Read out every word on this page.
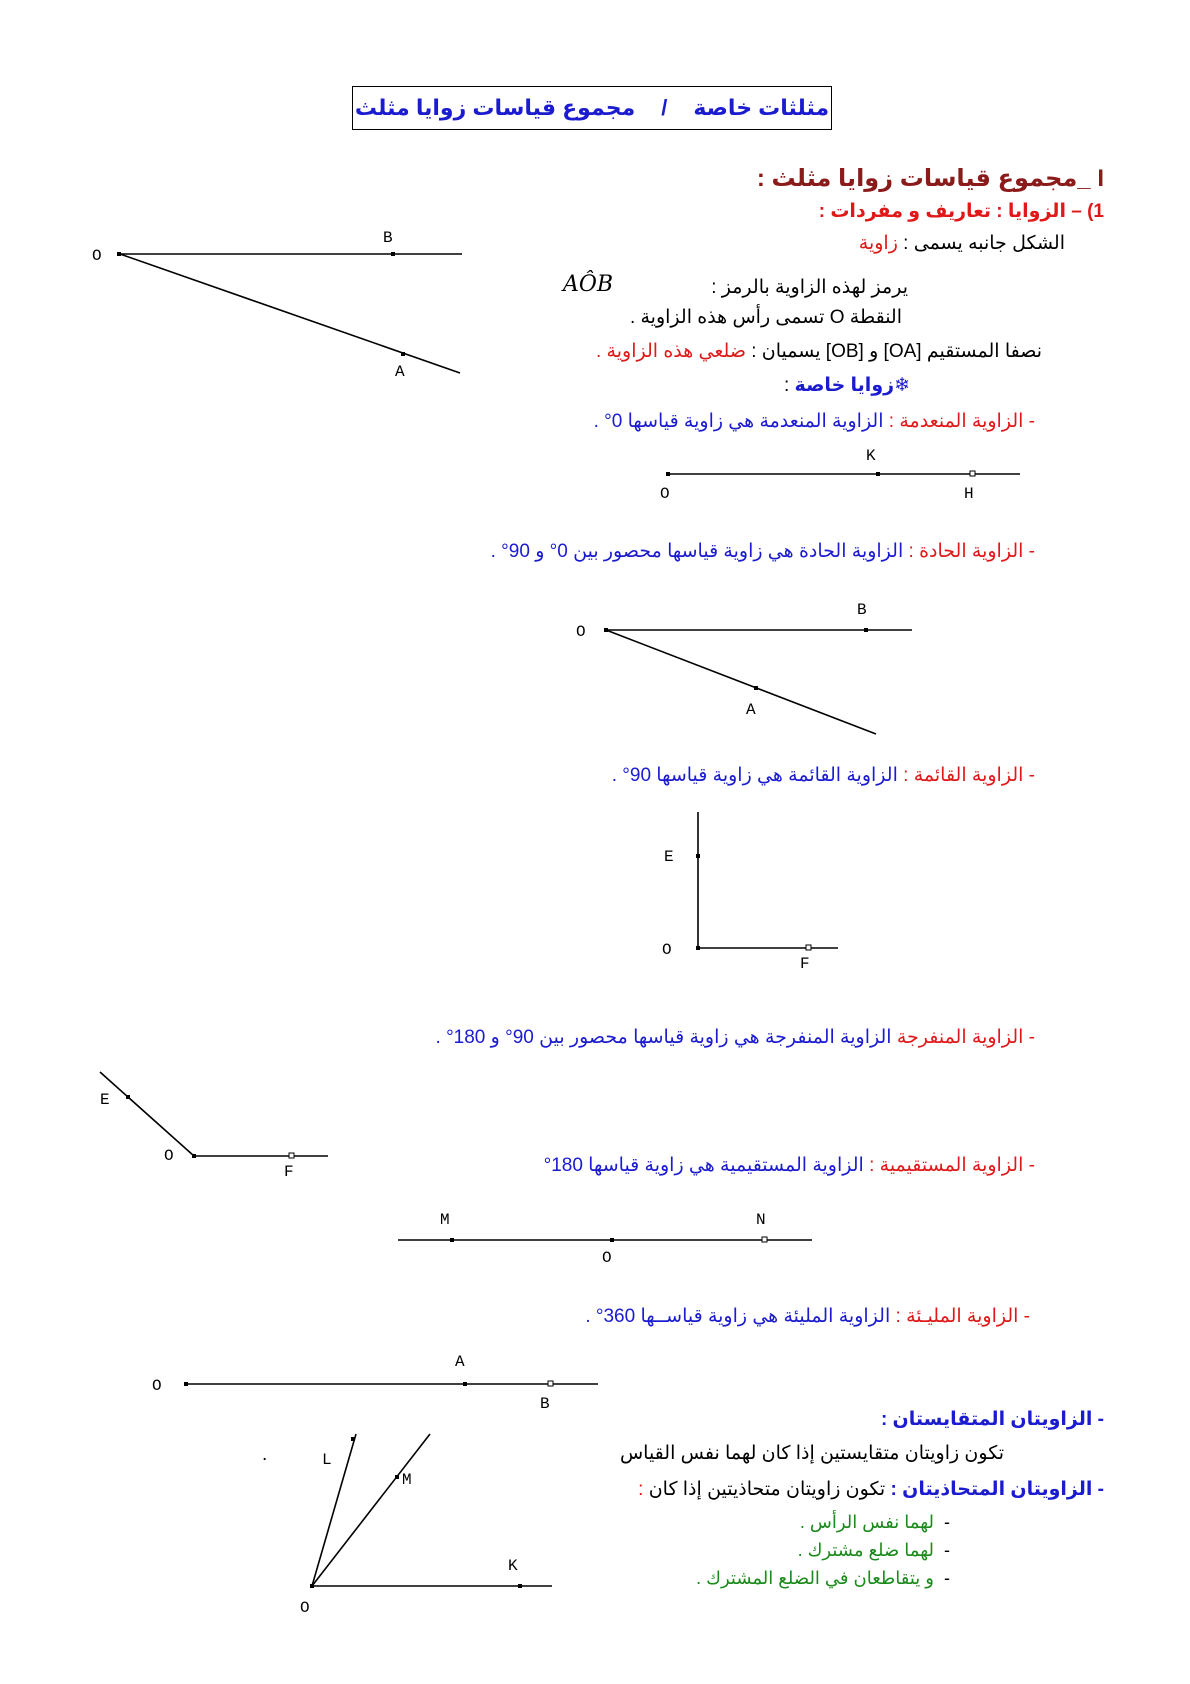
مجموع قياسات زوايا مثلث / مثلثات خاصة
I _مجموع قياسات زوايا مثلث :
1) – الزوايا : تعاريف و مفردات :
الشكل جانبه يسمى : زاوية
يرمز لهذه الزاوية بالرمز :
AÔB
النقطة O تسمى رأس هذه الزاوية .
نصفا المستقيم [OA] و [OB] يسميان : ضلعي هذه الزاوية .
❄زوايا خاصة :
- الزاوية المنعدمة : الزاوية المنعدمة هي زاوية قياسها 0° .
- الزاوية الحادة : الزاوية الحادة هي زاوية قياسها محصور بين 0° و 90° .
- الزاوية القائمة : الزاوية القائمة هي زاوية قياسها 90° .
- الزاوية المنفرجة الزاوية المنفرجة هي زاوية قياسها محصور بين 90° و 180° .
- الزاوية المستقيمية : الزاوية المستقيمية هي زاوية قياسها 180°
- الزاوية المليـئة : الزاوية المليئة هي زاوية قياســها 360° .
- الزاويتان المتقايستان :
تكون زاويتان متقايستين إذا كان لهما نفس القياس
.
- الزاويتان المتحاذيتان : تكون زاويتان متحاذيتين إذا كان :
-  لهما نفس الرأس .
-  لهما ضلع مشترك .
-  و يتقاطعان في الضلع المشترك .
O
B
A
K
O	H
O
B
A
E
O
F
E
O
F
M	N
O
O
A
B
L
M
K
O
